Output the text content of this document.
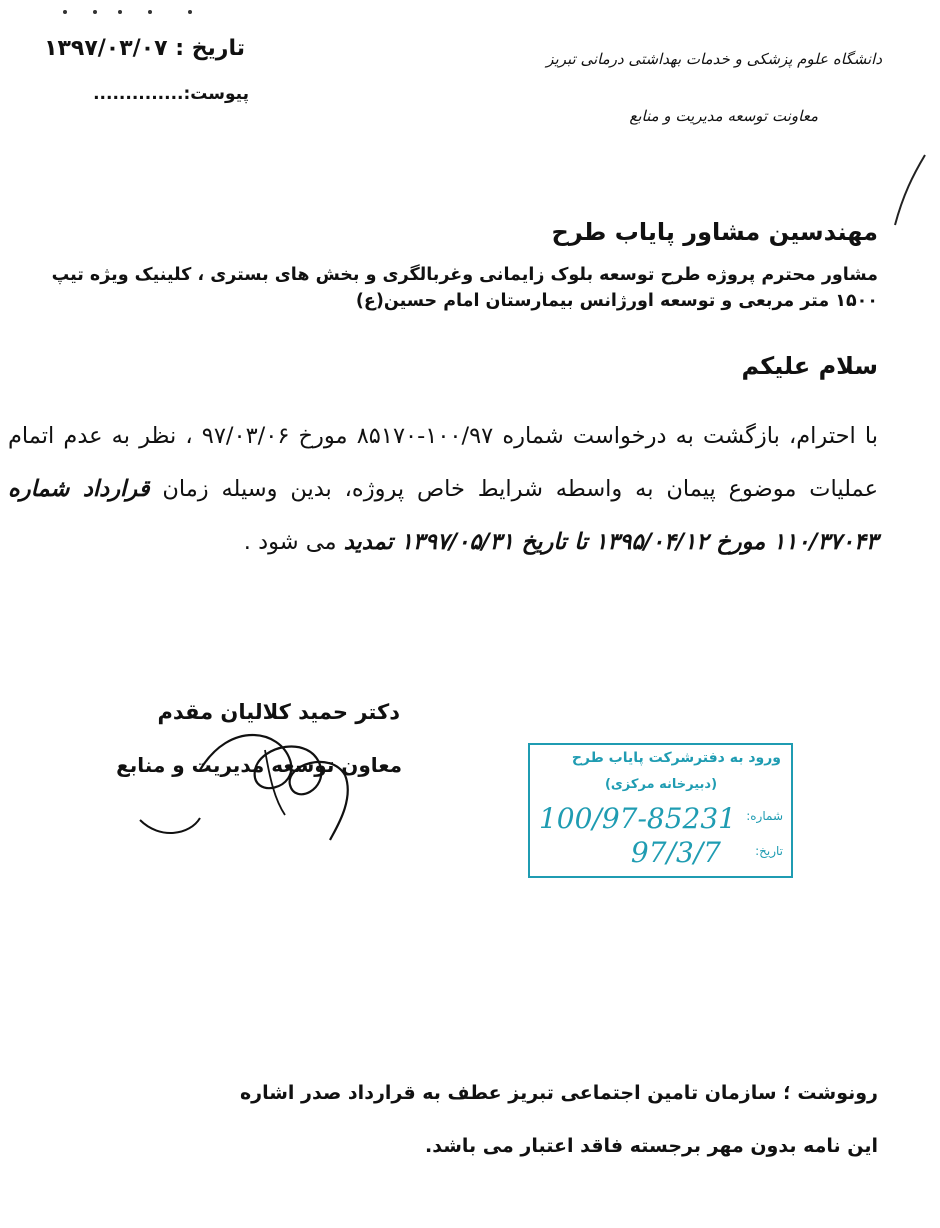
تاریخ : ۱۳۹۷/۰۳/۰۷
پیوست:..............
دانشگاه علوم پزشکی و خدمات بهداشتی درمانی تبریز
معاونت توسعه مدیریت و منابع
مهندسین مشاور پایاب طرح
مشاور محترم پروژه طرح توسعه بلوک زایمانی وغربالگری و بخش های بستری ، کلینیک ویژه تیپ ۱۵۰۰ متر مربعی و توسعه اورژانس بیمارستان امام حسین(ع)
سلام علیکم
با احترام، بازگشت به درخواست شماره ۱۰۰/۹۷-۸۵۱۷۰ مورخ ۹۷/۰۳/۰۶ ، نظر به عدم اتمام عملیات موضوع پیمان به واسطه شرایط خاص پروژه، بدین وسیله زمان قرارداد شماره ۱۱۰/۳۷۰۴۳ مورخ ۱۳۹۵/۰۴/۱۲ تا تاریخ ۱۳۹۷/۰۵/۳۱ تمدید می شود .
دکتر حمید کلالیان مقدم
معاون توسعه مدیریت و منابع	ورود به دفترشرکت پایاب طرح
(دبیرخانه مرکزی)
شماره:
100/97-85231
تاریخ:
97/3/7
رونوشت ؛ سازمان تامین اجتماعی تبریز عطف به قرارداد صدر اشاره
این نامه بدون مهر برجسته فاقد اعتبار می باشد.
